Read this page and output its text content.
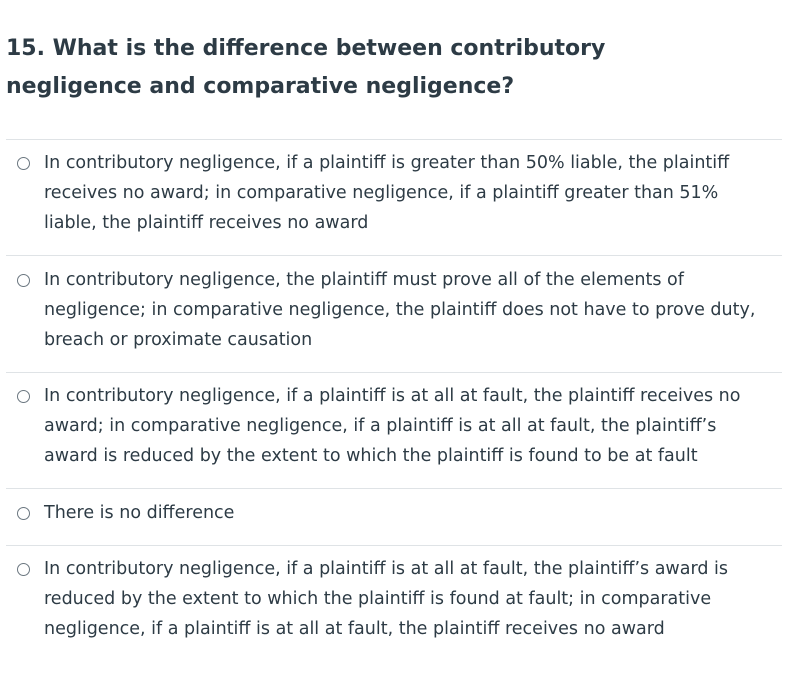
15. What is the difference between contributory negligence and comparative negligence?
In contributory negligence, if a plaintiff is greater than 50% liable, the plaintiff receives no award; in comparative negligence, if a plaintiff greater than 51% liable, the plaintiff receives no award
In contributory negligence, the plaintiff must prove all of the elements of negligence; in comparative negligence, the plaintiff does not have to prove duty, breach or proximate causation
In contributory negligence, if a plaintiff is at all at fault, the plaintiff receives no award; in comparative negligence, if a plaintiff is at all at fault, the plaintiff’s award is reduced by the extent to which the plaintiff is found to be at fault
There is no difference
In contributory negligence, if a plaintiff is at all at fault, the plaintiff’s award is reduced by the extent to which the plaintiff is found at fault; in comparative negligence, if a plaintiff is at all at fault, the plaintiff receives no award
